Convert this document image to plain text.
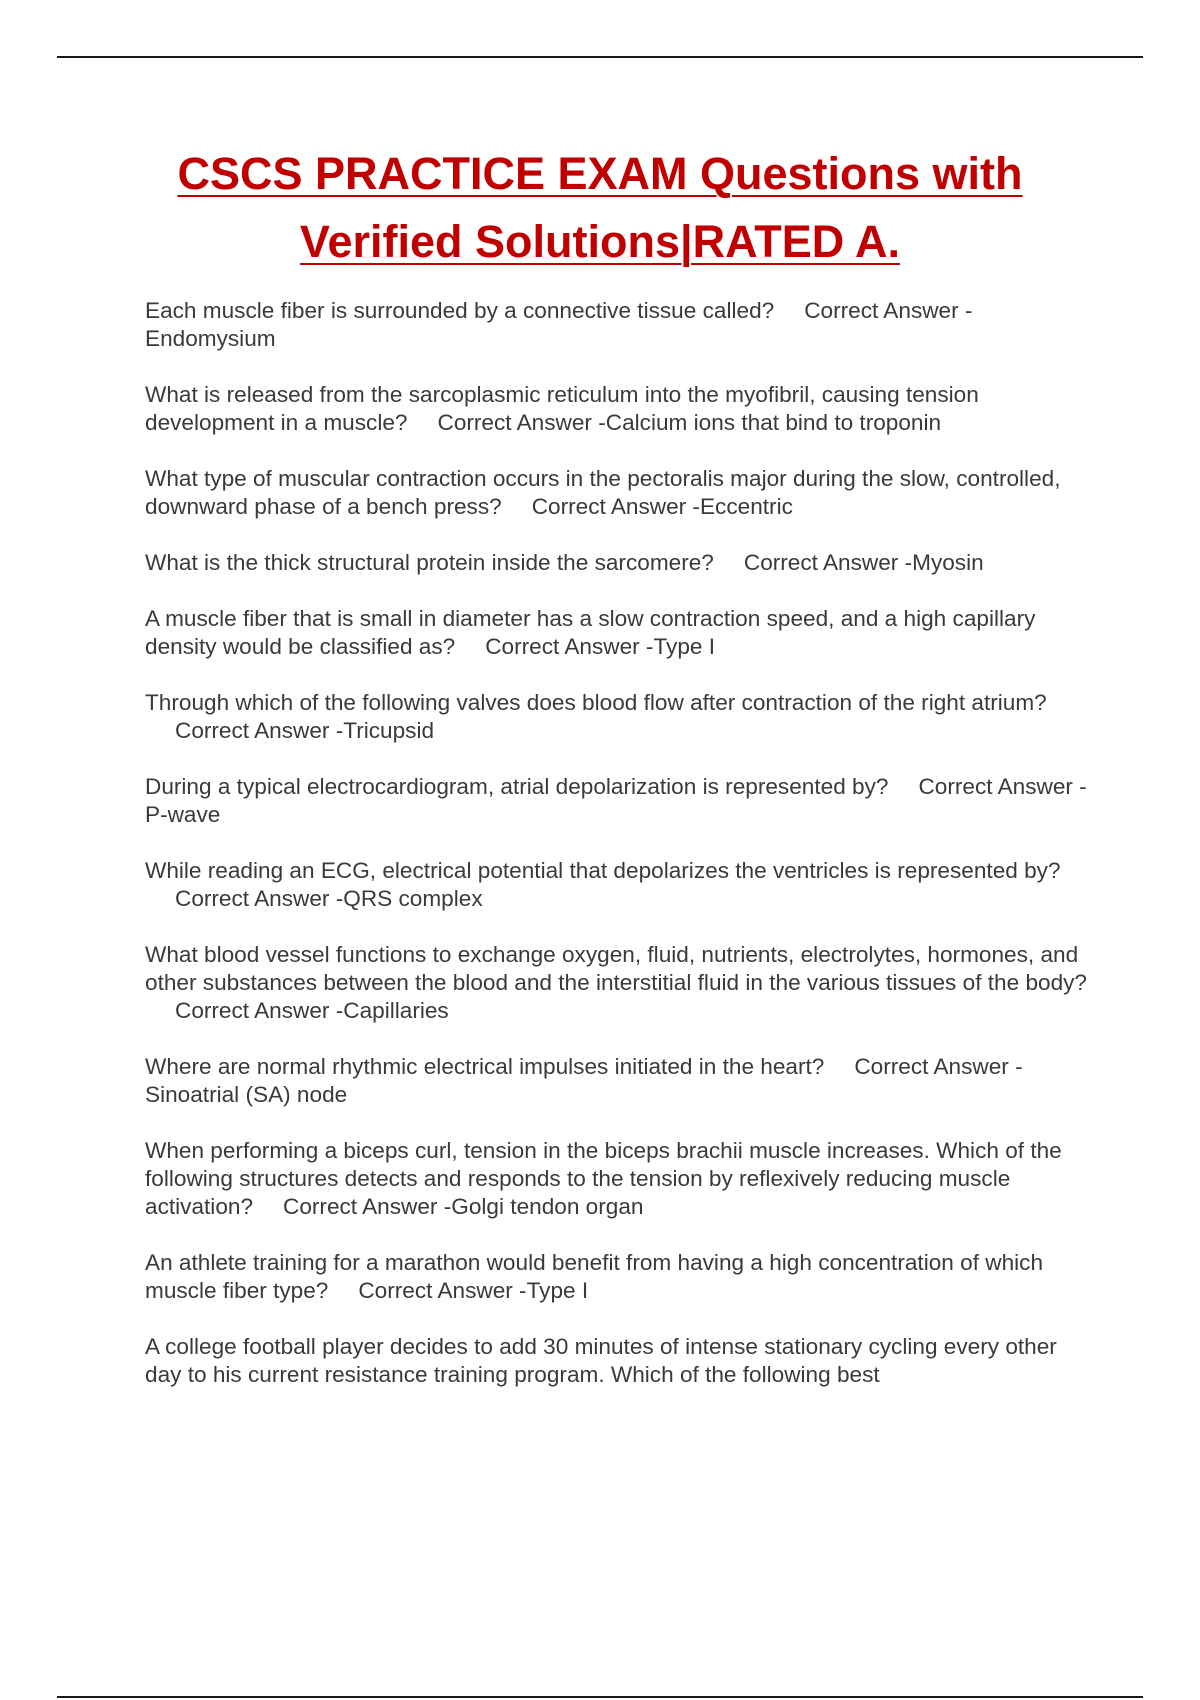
CSCS PRACTICE EXAM Questions with
Verified Solutions|RATED A.

Each muscle fiber is surrounded by a connective tissue called? Correct Answer -Endomysium

What is released from the sarcoplasmic reticulum into the myofibril, causing tension development in a muscle? Correct Answer -Calcium ions that bind to troponin

What type of muscular contraction occurs in the pectoralis major during the slow, controlled, downward phase of a bench press? Correct Answer -Eccentric

What is the thick structural protein inside the sarcomere? Correct Answer -Myosin

A muscle fiber that is small in diameter has a slow contraction speed, and a high capillary density would be classified as? Correct Answer -Type I

Through which of the following valves does blood flow after contraction of the right atrium?Correct Answer -Tricupsid

During a typical electrocardiogram, atrial depolarization is represented by? Correct Answer -P-wave

While reading an ECG, electrical potential that depolarizes the ventricles is represented by?Correct Answer -QRS complex

What blood vessel functions to exchange oxygen, fluid, nutrients, electrolytes, hormones, and other substances between the blood and the interstitial fluid in the various tissues of the body?Correct Answer -Capillaries

Where are normal rhythmic electrical impulses initiated in the heart? Correct Answer -Sinoatrial (SA) node

When performing a biceps curl, tension in the biceps brachii muscle increases. Which of the following structures detects and responds to the tension by reflexively reducing muscle activation? Correct Answer -Golgi tendon organ

An athlete training for a marathon would benefit from having a high concentration of which muscle fiber type? Correct Answer -Type I

A college football player decides to add 30 minutes of intense stationary cycling every other day to his current resistance training program. Which of the following best
